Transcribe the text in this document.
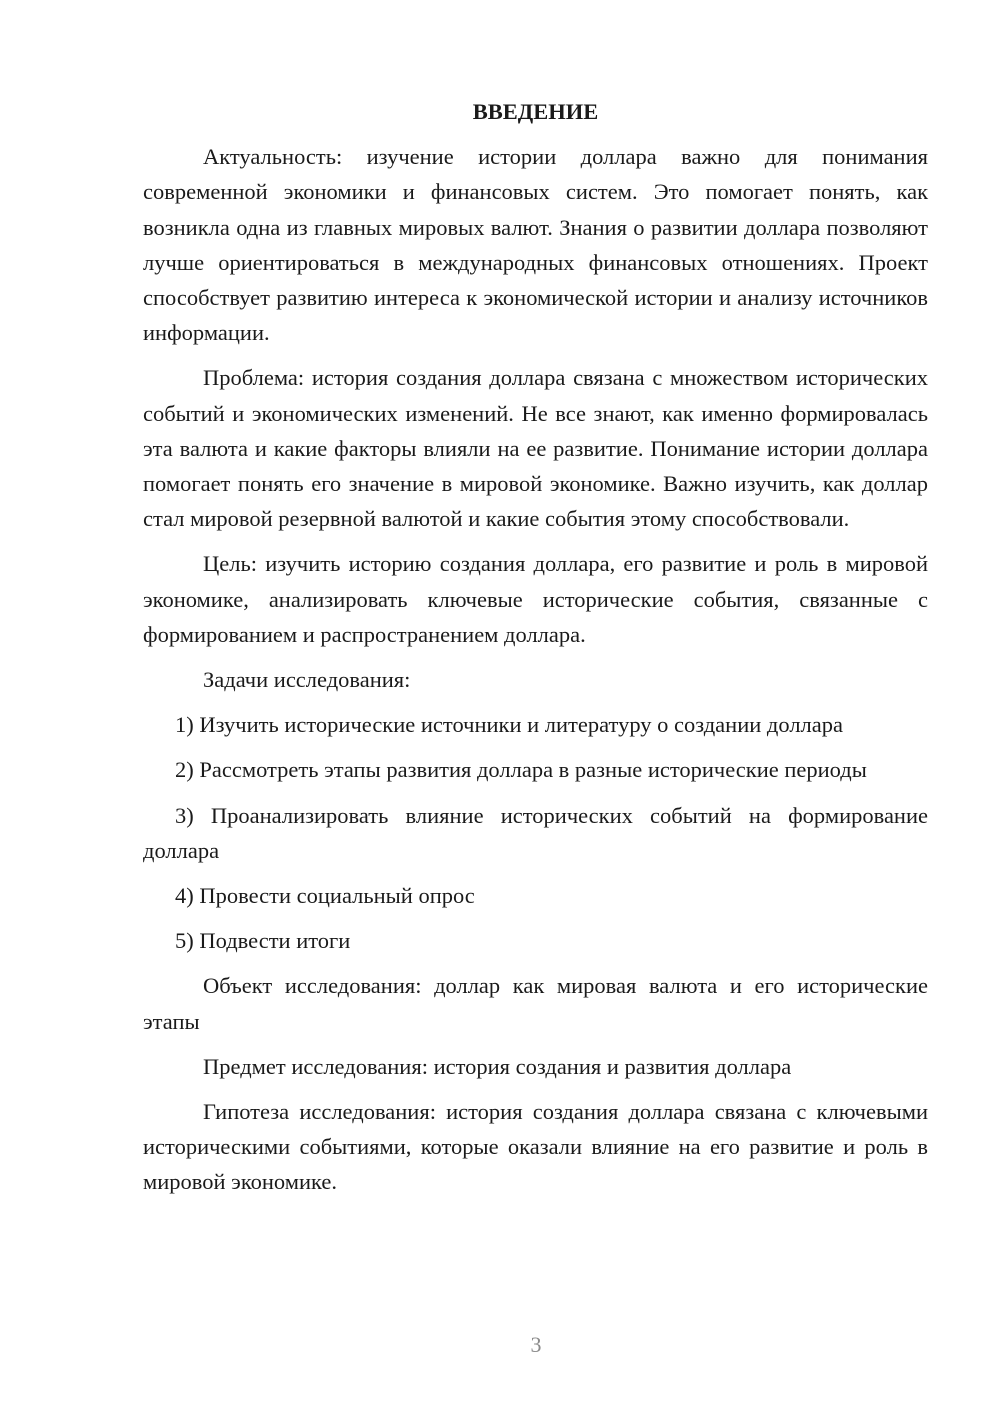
ВВЕДЕНИЕ

Актуальность: изучение истории доллара важно для понимания современной экономики и финансовых систем. Это помогает понять, как возникла одна из главных мировых валют. Знания о развитии доллара позволяют лучше ориентироваться в международных финансовых отношениях. Проект способствует развитию интереса к экономической истории и анализу источников информации.

Проблема: история создания доллара связана с множеством исторических событий и экономических изменений. Не все знают, как именно формировалась эта валюта и какие факторы влияли на ее развитие. Понимание истории доллара помогает понять его значение в мировой экономике. Важно изучить, как доллар стал мировой резервной валютой и какие события этому способствовали.

Цель: изучить историю создания доллара, его развитие и роль в мировой экономике, анализировать ключевые исторические события, связанные с формированием и распространением доллара.

Задачи исследования:

1) Изучить исторические источники и литературу о создании доллара

2) Рассмотреть этапы развития доллара в разные исторические периоды

3) Проанализировать влияние исторических событий на формирование доллара

4) Провести социальный опрос

5) Подвести итоги

Объект исследования: доллар как мировая валюта и его исторические этапы

Предмет исследования: история создания и развития доллара

Гипотеза исследования: история создания доллара связана с ключевыми историческими событиями, которые оказали влияние на его развитие и роль в мировой экономике.

3
